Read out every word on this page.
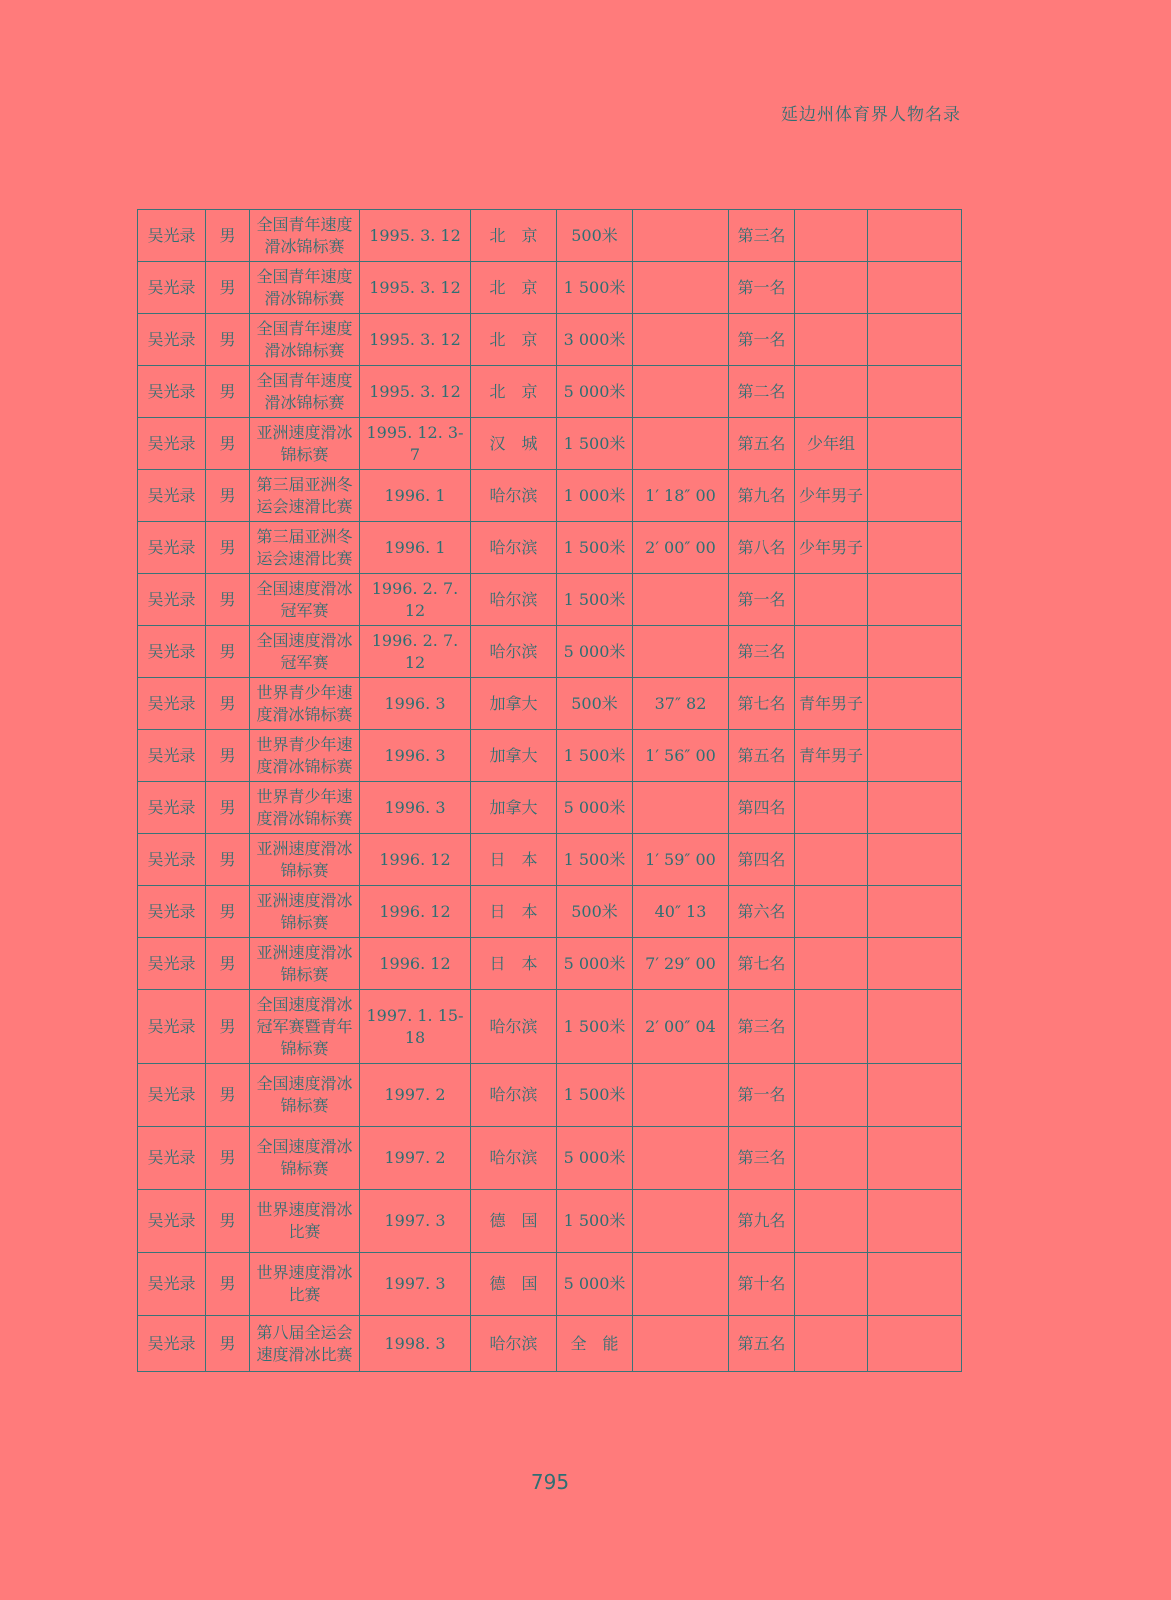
延边州体育界人物名录
吴光录	男	全国青年速度滑冰锦标赛	1995. 3. 12	北　京	500米		第三名		
吴光录	男	全国青年速度滑冰锦标赛	1995. 3. 12	北　京	1 500米		第一名		
吴光录	男	全国青年速度滑冰锦标赛	1995. 3. 12	北　京	3 000米		第一名		
吴光录	男	全国青年速度滑冰锦标赛	1995. 3. 12	北　京	5 000米		第二名		
吴光录	男	亚洲速度滑冰锦标赛	1995. 12. 3-7	汉　城	1 500米		第五名	少年组	
吴光录	男	第三届亚洲冬运会速滑比赛	1996. 1	哈尔滨	1 000米	1′ 18″ 00	第九名	少年男子	
吴光录	男	第三届亚洲冬运会速滑比赛	1996. 1	哈尔滨	1 500米	2′ 00″ 00	第八名	少年男子	
吴光录	男	全国速度滑冰冠军赛	1996. 2. 7. 12	哈尔滨	1 500米		第一名		
吴光录	男	全国速度滑冰冠军赛	1996. 2. 7. 12	哈尔滨	5 000米		第三名		
吴光录	男	世界青少年速度滑冰锦标赛	1996. 3	加拿大	500米	37″ 82	第七名	青年男子	
吴光录	男	世界青少年速度滑冰锦标赛	1996. 3	加拿大	1 500米	1′ 56″ 00	第五名	青年男子	
吴光录	男	世界青少年速度滑冰锦标赛	1996. 3	加拿大	5 000米		第四名		
吴光录	男	亚洲速度滑冰锦标赛	1996. 12	日　本	1 500米	1′ 59″ 00	第四名		
吴光录	男	亚洲速度滑冰锦标赛	1996. 12	日　本	500米	40″ 13	第六名		
吴光录	男	亚洲速度滑冰锦标赛	1996. 12	日　本	5 000米	7′ 29″ 00	第七名		
吴光录	男	全国速度滑冰冠军赛暨青年锦标赛	1997. 1. 15-18	哈尔滨	1 500米	2′ 00″ 04	第三名		
吴光录	男	全国速度滑冰锦标赛	1997. 2	哈尔滨	1 500米		第一名		
吴光录	男	全国速度滑冰锦标赛	1997. 2	哈尔滨	5 000米		第三名		
吴光录	男	世界速度滑冰比赛	1997. 3	德　国	1 500米		第九名		
吴光录	男	世界速度滑冰比赛	1997. 3	德　国	5 000米		第十名		
吴光录	男	第八届全运会速度滑冰比赛	1998. 3	哈尔滨	全　能		第五名		
795
